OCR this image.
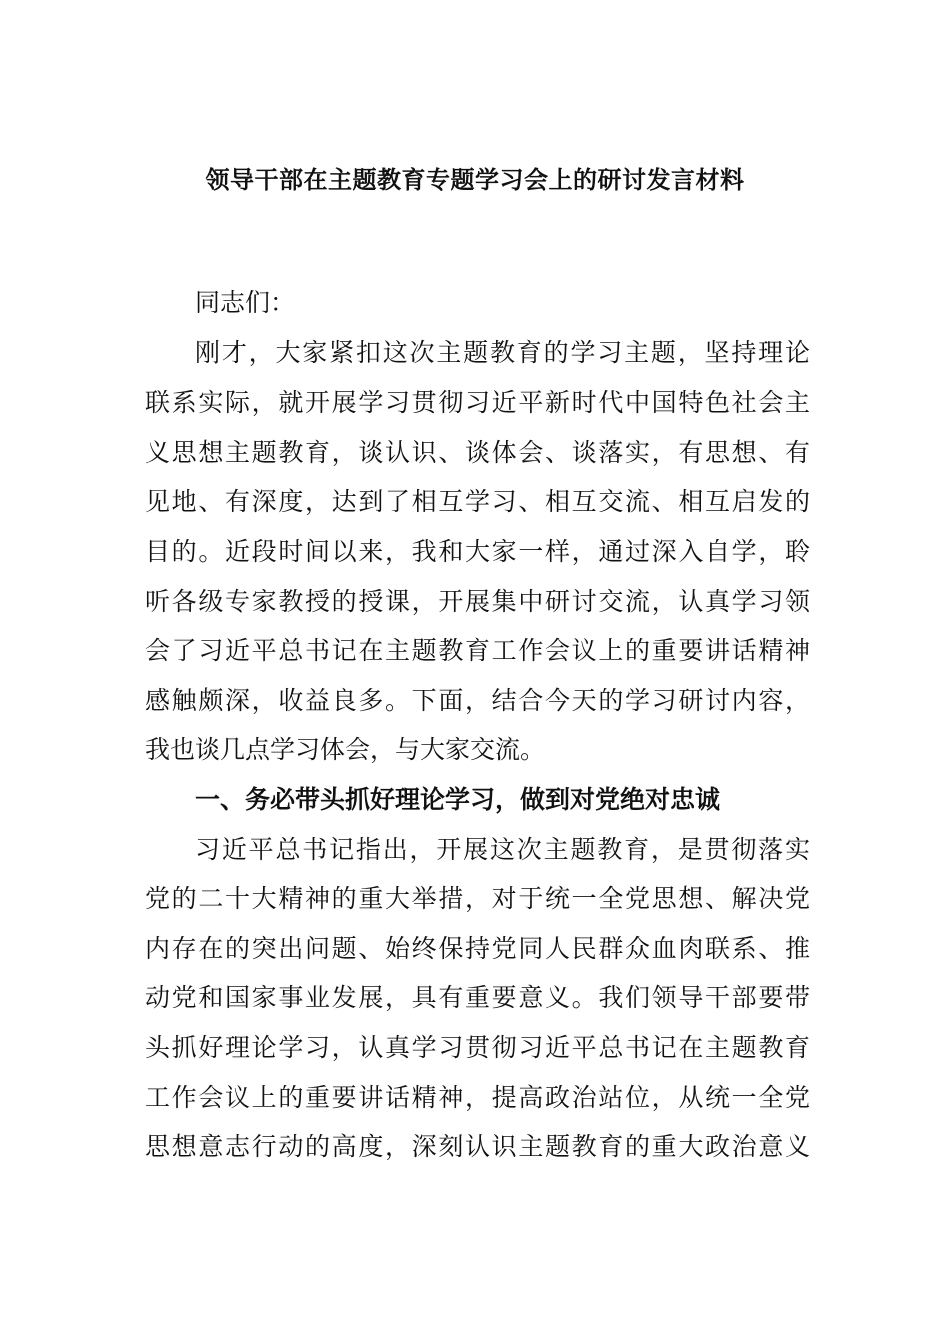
领导干部在主题教育专题学习会上的研讨发言材料
同志们：
刚才，大家紧扣这次主题教育的学习主题，坚持理论
联系实际，就开展学习贯彻习近平新时代中国特色社会主
义思想主题教育，谈认识、谈体会、谈落实，有思想、有
见地、有深度，达到了相互学习、相互交流、相互启发的
目的。近段时间以来，我和大家一样，通过深入自学，聆
听各级专家教授的授课，开展集中研讨交流，认真学习领
会了习近平总书记在主题教育工作会议上的重要讲话精神
感触颇深，收益良多。下面，结合今天的学习研讨内容，
我也谈几点学习体会，与大家交流。
一、务必带头抓好理论学习，做到对党绝对忠诚
习近平总书记指出，开展这次主题教育，是贯彻落实
党的二十大精神的重大举措，对于统一全党思想、解决党
内存在的突出问题、始终保持党同人民群众血肉联系、推
动党和国家事业发展，具有重要意义。我们领导干部要带
头抓好理论学习，认真学习贯彻习近平总书记在主题教育
工作会议上的重要讲话精神，提高政治站位，从统一全党
思想意志行动的高度，深刻认识主题教育的重大政治意义
